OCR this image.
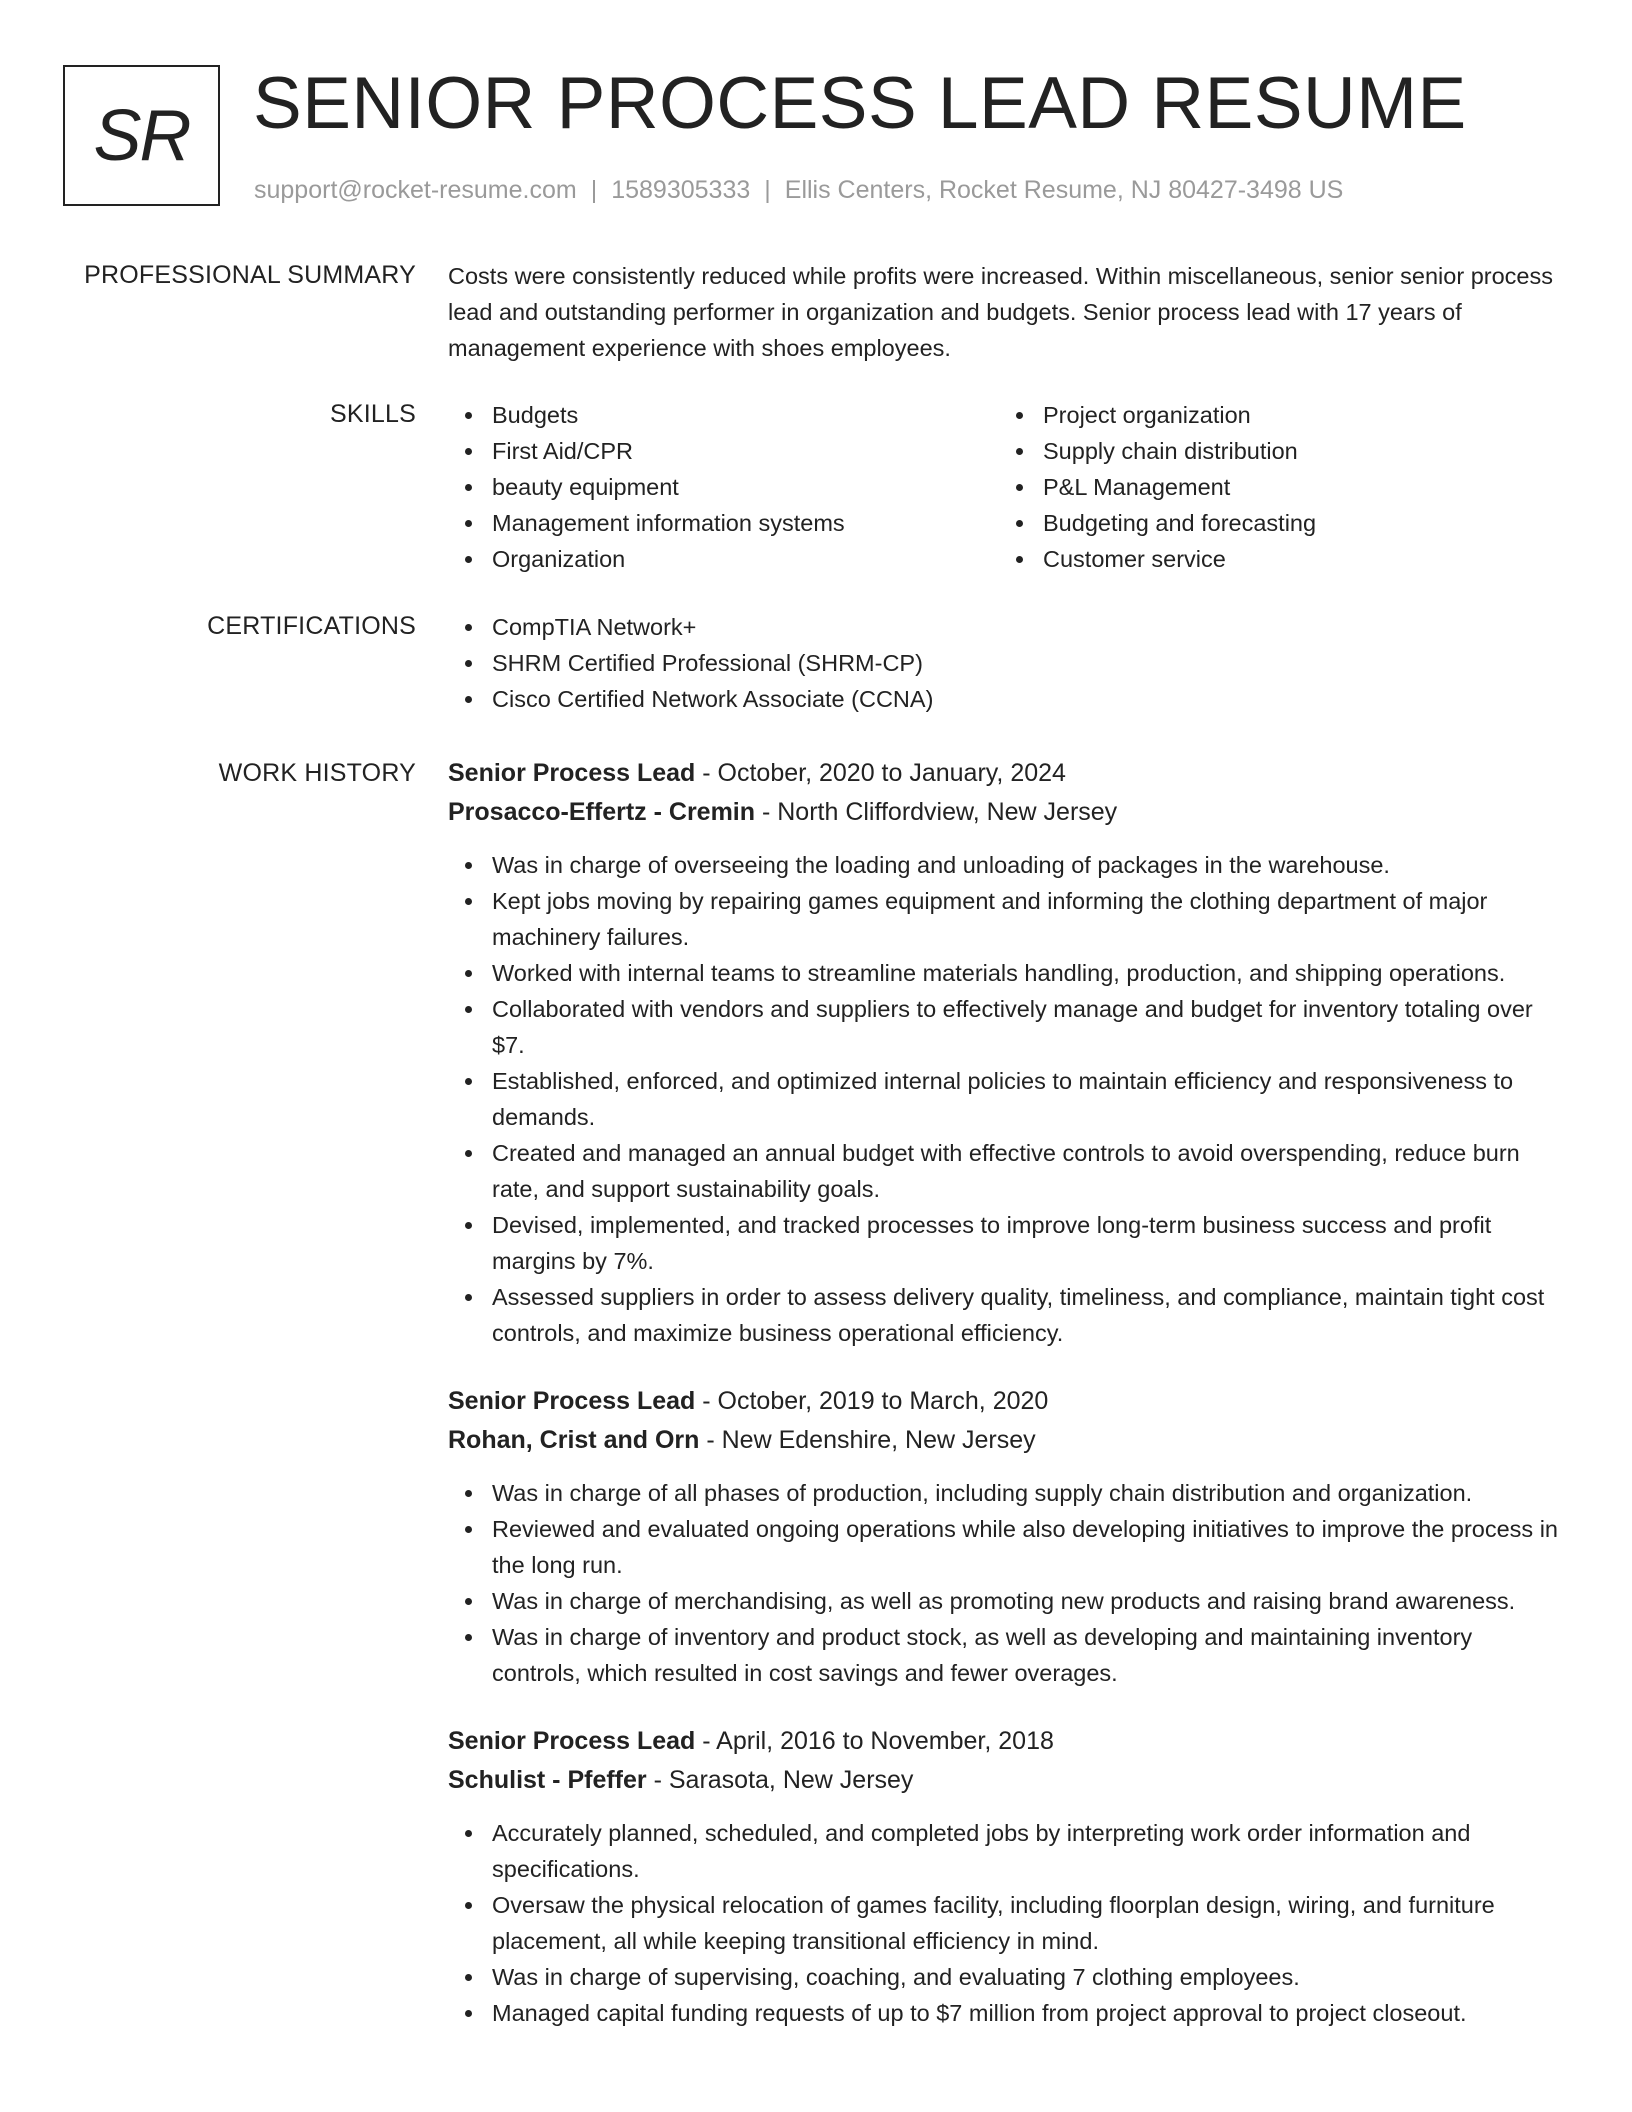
SR SENIOR PROCESS LEAD RESUME
support@rocket-resume.com | 1589305333 | Ellis Centers, Rocket Resume, NJ 80427-3498 US
PROFESSIONAL SUMMARY Costs were consistently reduced while profits were increased. Within miscellaneous, senior senior process lead and outstanding performer in organization and budgets. Senior process lead with 17 years of management experience with shoes employees.

SKILLS	Budgets
First Aid/CPR
beauty equipment
Management information systems
Organization
Project organization
Supply chain distribution
P&L Management
Budgeting and forecasting
Customer service
CERTIFICATIONS	CompTIA Network+
SHRM Certified Professional (SHRM-CP)
Cisco Certified Network Associate (CCNA)
WORK HISTORY Senior Process Lead - October, 2020 to January, 2024
Prosacco-Effertz - Cremin - North Cliffordview, New Jersey
Was in charge of overseeing the loading and unloading of packages in the warehouse.
Kept jobs moving by repairing games equipment and informing the clothing department of major machinery failures.
Worked with internal teams to streamline materials handling, production, and shipping operations.
Collaborated with vendors and suppliers to effectively manage and budget for inventory totaling over $7.
Established, enforced, and optimized internal policies to maintain efficiency and responsiveness to demands.
Created and managed an annual budget with effective controls to avoid overspending, reduce burn rate, and support sustainability goals.
Devised, implemented, and tracked processes to improve long-term business success and profit margins by 7%.
Assessed suppliers in order to assess delivery quality, timeliness, and compliance, maintain tight cost controls, and maximize business operational efficiency.
Senior Process Lead - October, 2019 to March, 2020
Rohan, Crist and Orn - New Edenshire, New Jersey
Was in charge of all phases of production, including supply chain distribution and organization.
Reviewed and evaluated ongoing operations while also developing initiatives to improve the process in the long run.
Was in charge of merchandising, as well as promoting new products and raising brand awareness.
Was in charge of inventory and product stock, as well as developing and maintaining inventory controls, which resulted in cost savings and fewer overages.
Senior Process Lead - April, 2016 to November, 2018
Schulist - Pfeffer - Sarasota, New Jersey
Accurately planned, scheduled, and completed jobs by interpreting work order information and specifications.
Oversaw the physical relocation of games facility, including floorplan design, wiring, and furniture placement, all while keeping transitional efficiency in mind.
Was in charge of supervising, coaching, and evaluating 7 clothing employees.
Managed capital funding requests of up to $7 million from project approval to project closeout.
